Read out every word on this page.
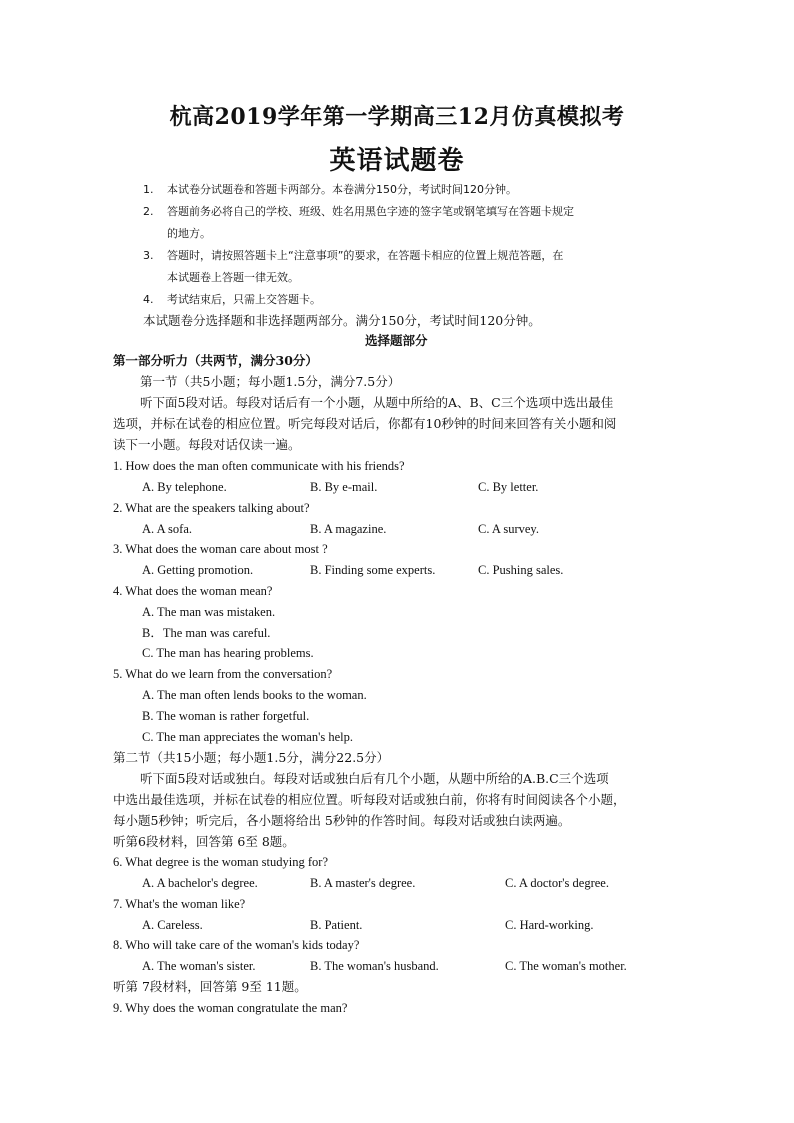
杭高2019学年第一学期高三12月仿真模拟考
英语试题卷
1. 本试卷分试题卷和答题卡两部分。本卷满分150分，考试时间120分钟。
2. 答题前务必将自己的学校、班级、姓名用黑色字迹的签字笔或钢笔填写在答题卡规定
的地方。
3. 答题时，请按照答题卡上“注意事项”的要求，在答题卡相应的位置上规范答题，在
本试题卷上答题一律无效。
4. 考试结束后，只需上交答题卡。
本试题卷分选择题和非选择题两部分。满分150分，考试时间120分钟。
选择题部分
第一部分听力（共两节，满分30分）
第一节（共5小题；每小题1.5分，满分7.5分）
听下面5段对话。每段对话后有一个小题，从题中所给的A、B、C三个选项中选出最佳
选项，并标在试卷的相应位置。听完每段对话后，你都有10秒钟的时间来回答有关小题和阅
读下一小题。每段对话仅读一遍。
1. How does the man often communicate with his friends?
A. By telephone.	B. By e-mail.	C. By letter.
2. What are the speakers talking about?
A. A sofa.	B. A magazine.	C. A survey.
3. What does the woman care about most ?
A. Getting promotion.	B. Finding some experts.	C. Pushing sales.
4. What does the woman mean?
A. The man was mistaken.
B．The man was careful.
C. The man has hearing problems.
5. What do we learn from the conversation?
A. The man often lends books to the woman.
B. The woman is rather forgetful.
C. The man appreciates the woman's help.
第二节（共15小题；每小题1.5分，满分22.5分）
听下面5段对话或独白。每段对话或独白后有几个小题，从题中所给的A.B.C三个选项
中选出最佳选项，并标在试卷的相应位置。听每段对话或独白前，你将有时间阅读各个小题，
每小题5秒钟；听完后，各小题将给出 5秒钟的作答时间。每段对话或独白读两遍。
听第6段材料，回答第 6至 8题。
6. What degree is the woman studying for?
A. A bachelor's degree.	B. A master's degree.	C. A doctor's degree.
7. What's the woman like?
A. Careless.	B. Patient.	C. Hard-working.
8. Who will take care of the woman's kids today?
A. The woman's sister.	B. The woman's husband.	C. The woman's mother.
听第 7段材料，回答第 9至 11题。
9. Why does the woman congratulate the man?
